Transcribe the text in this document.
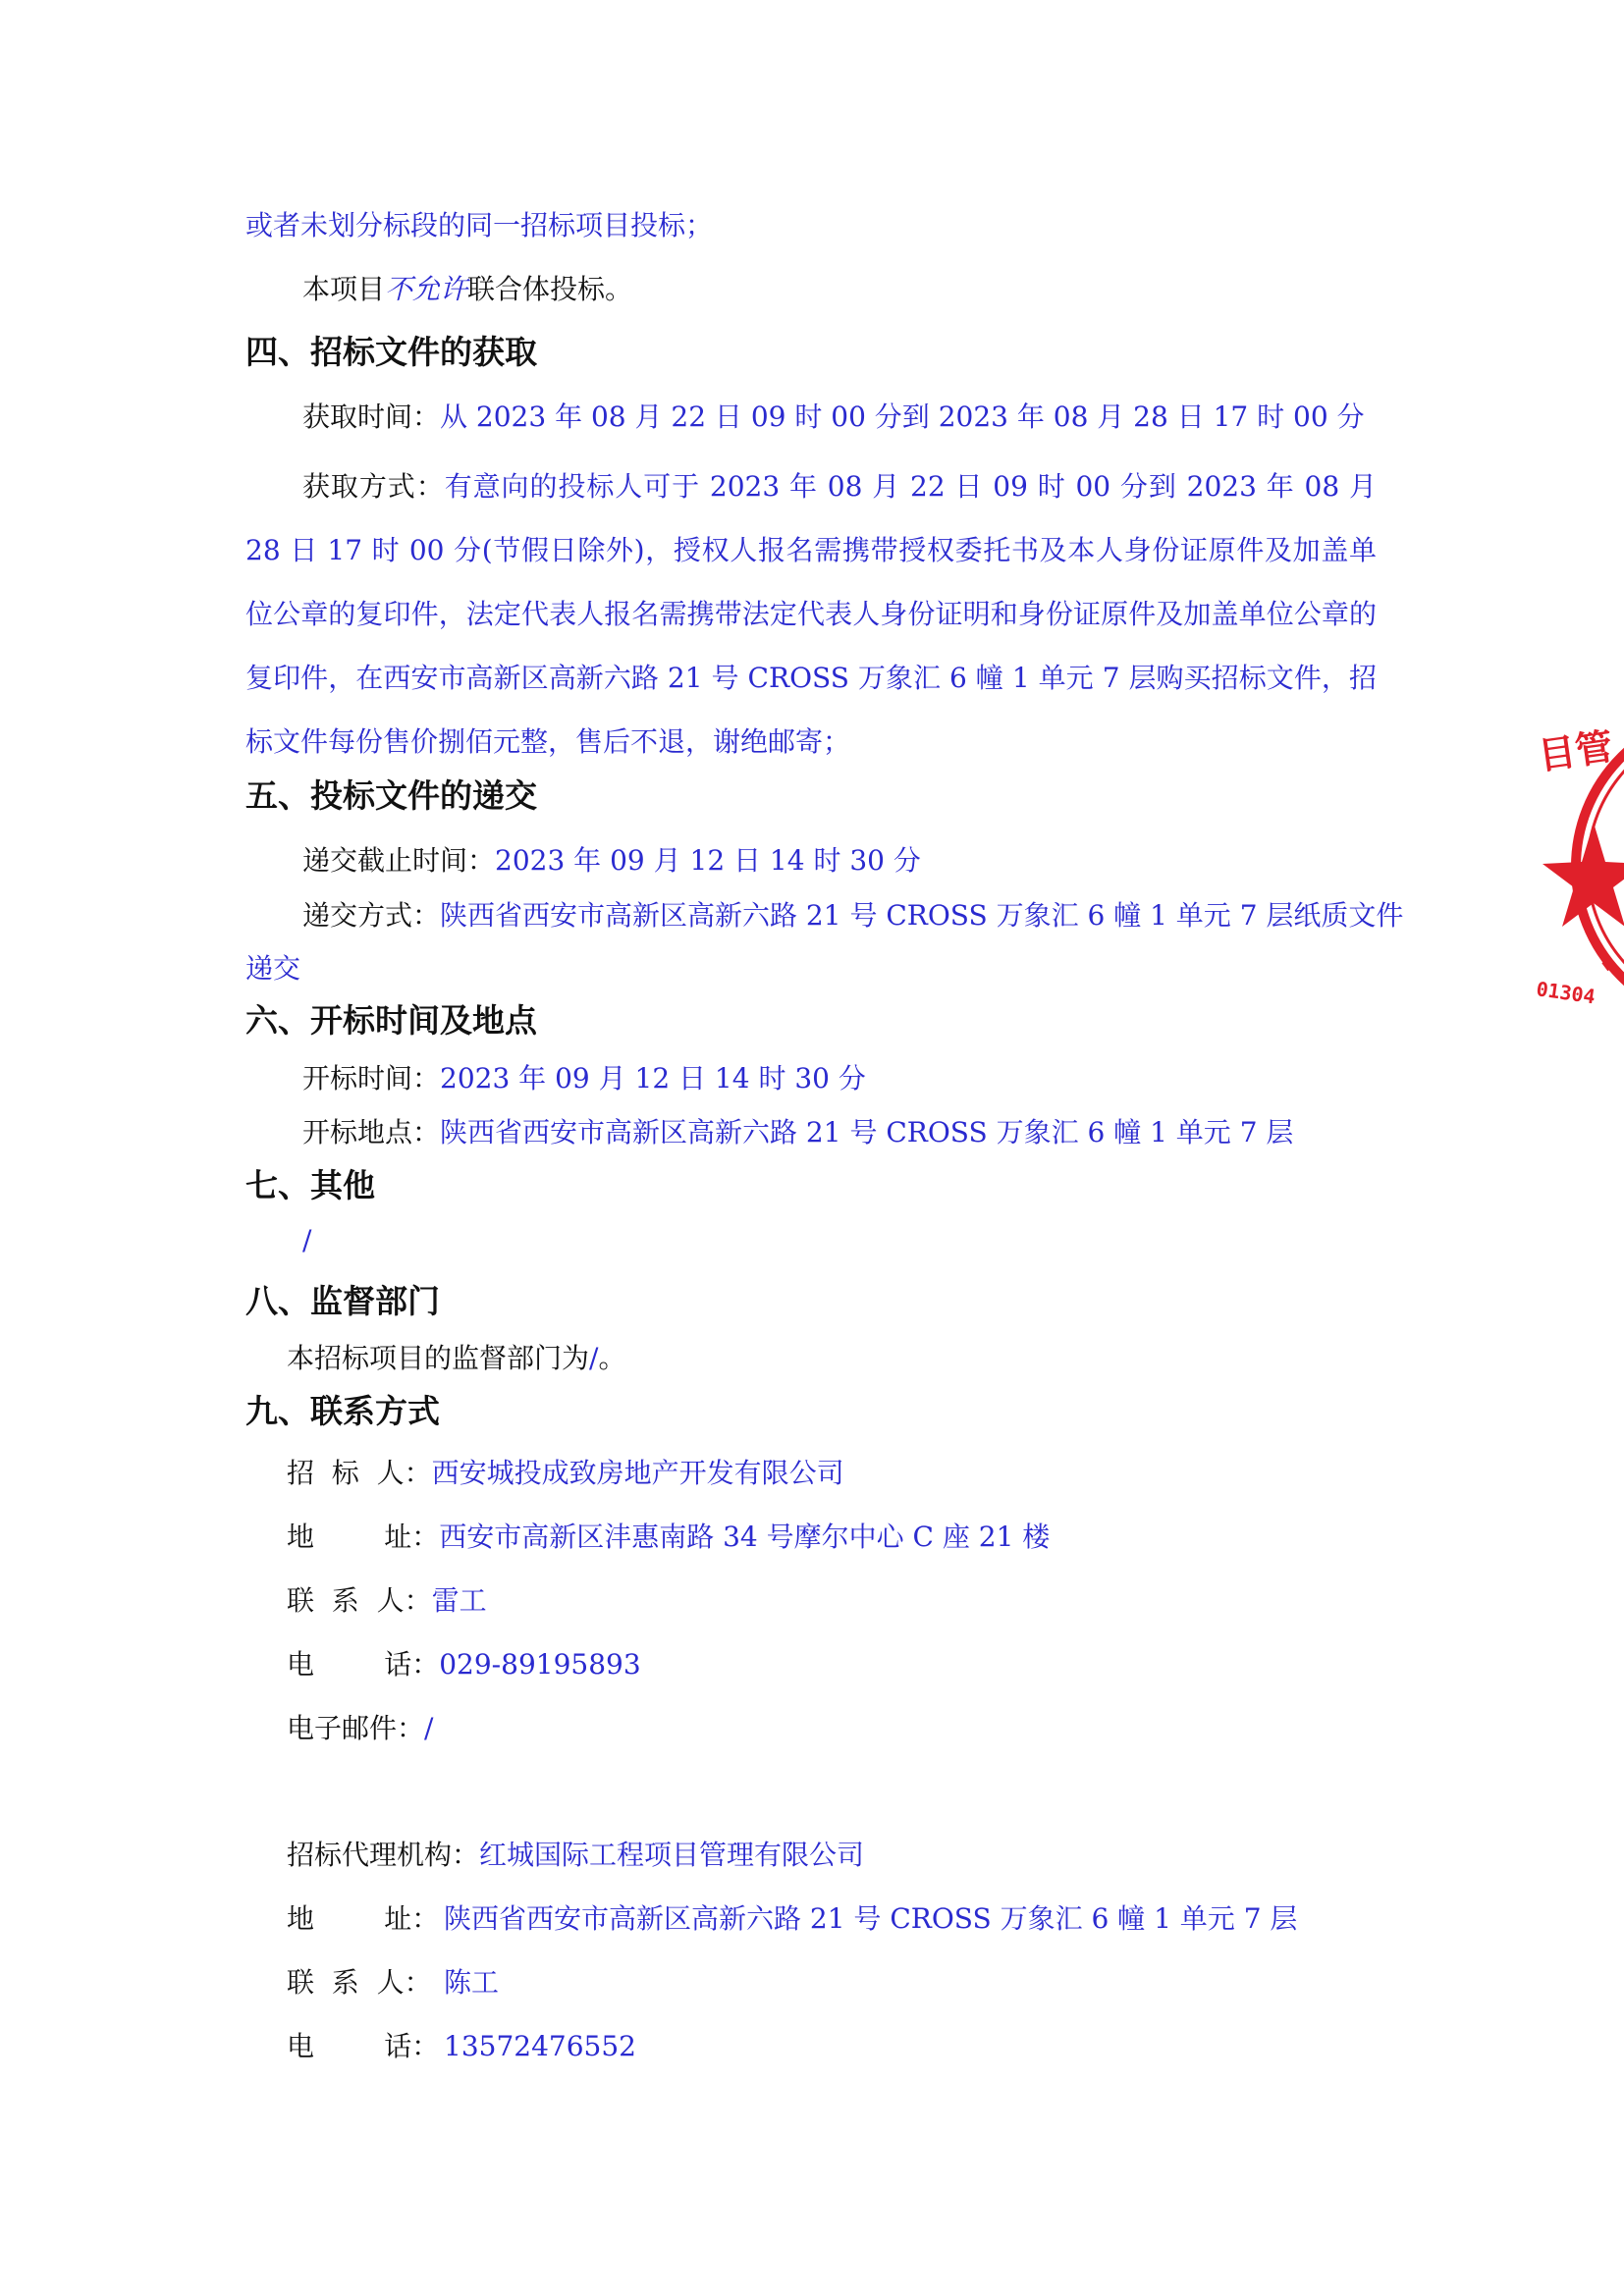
或者未划分标段的同一招标项目投标；
本项目不允许联合体投标。
四、招标文件的获取
获取时间：从 2023 年 08 月 22 日 09 时 00 分到 2023 年 08 月 28 日 17 时 00 分
获取方式：有意向的投标人可于 2023 年 08 月 22 日 09 时 00 分到 2023 年 08 月 28 日 17 时 00 分(节假日除外)，授权人报名需携带授权委托书及本人身份证原件及加盖单位公章的复印件，法定代表人报名需携带法定代表人身份证明和身份证原件及加盖单位公章的复印件，在西安市高新区高新六路 21 号 CROSS 万象汇 6 幢 1 单元 7 层购买招标文件，招标文件每份售价捌佰元整，售后不退，谢绝邮寄；
五、投标文件的递交
递交截止时间：2023 年 09 月 12 日 14 时 30 分
递交方式：陕西省西安市高新区高新六路 21 号 CROSS 万象汇 6 幢 1 单元 7 层纸质文件
递交
六、开标时间及地点
开标时间：2023 年 09 月 12 日 14 时 30 分
开标地点：陕西省西安市高新区高新六路 21 号 CROSS 万象汇 6 幢 1 单元 7 层
七、其他
/
八、监督部门
本招标项目的监督部门为/。
九、联系方式
招  标  人：西安城投成致房地产开发有限公司
地        址：西安市高新区沣惠南路 34 号摩尔中心 C 座 21 楼
联  系  人：雷工
电        话：029-89195893
电子邮件：/
招标代理机构：红城国际工程项目管理有限公司
地        址： 陕西省西安市高新区高新六路 21 号 CROSS 万象汇 6 幢 1 单元 7 层
联  系  人： 陈工
电        话： 13572476552
目管
01304
